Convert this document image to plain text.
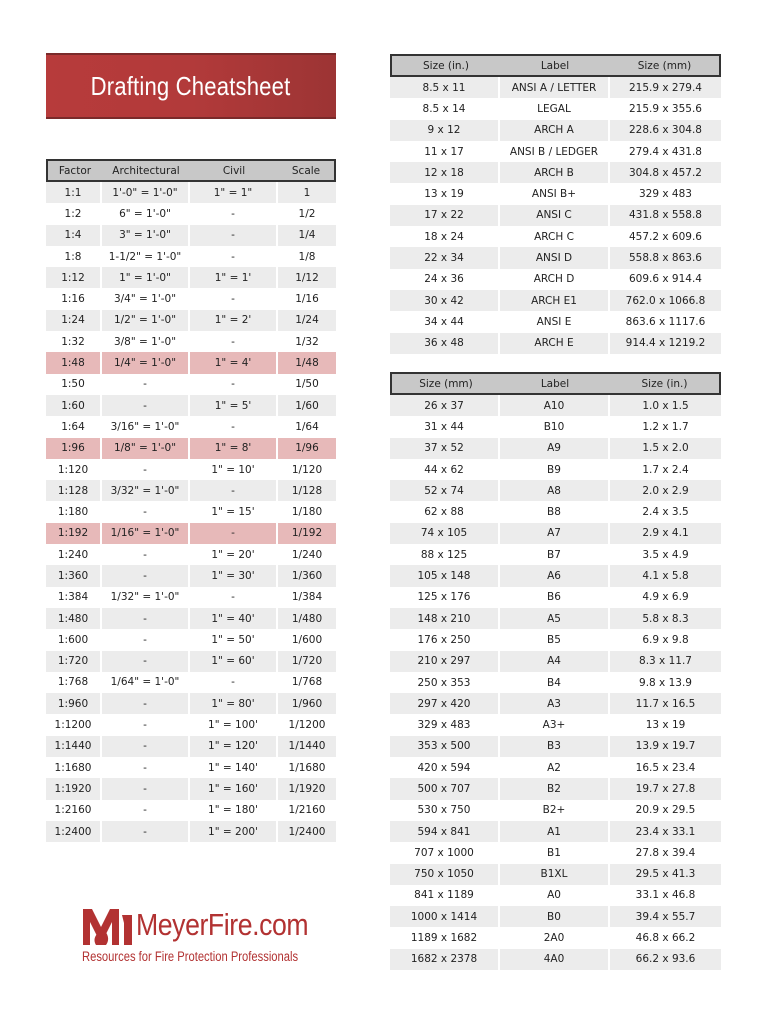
Drafting Cheatsheet
Factor	Architectural	Civil	Scale
1:1	1'-0" = 1'-0"	1" = 1"	1
1:2	6" = 1'-0"	-	1/2
1:4	3" = 1'-0"	-	1/4
1:8	1-1/2" = 1'-0"	-	1/8
1:12	1" = 1'-0"	1" = 1'	1/12
1:16	3/4" = 1'-0"	-	1/16
1:24	1/2" = 1'-0"	1" = 2'	1/24
1:32	3/8" = 1'-0"	-	1/32
1:48	1/4" = 1'-0"	1" = 4'	1/48
1:50	-	-	1/50
1:60	-	1" = 5'	1/60
1:64	3/16" = 1'-0"	-	1/64
1:96	1/8" = 1'-0"	1" = 8'	1/96
1:120	-	1" = 10'	1/120
1:128	3/32" = 1'-0"	-	1/128
1:180	-	1" = 15'	1/180
1:192	1/16" = 1'-0"	-	1/192
1:240	-	1" = 20'	1/240
1:360	-	1" = 30'	1/360
1:384	1/32" = 1'-0"	-	1/384
1:480	-	1" = 40'	1/480
1:600	-	1" = 50'	1/600
1:720	-	1" = 60'	1/720
1:768	1/64" = 1'-0"	-	1/768
1:960	-	1" = 80'	1/960
1:1200	-	1" = 100'	1/1200
1:1440	-	1" = 120'	1/1440
1:1680	-	1" = 140'	1/1680
1:1920	-	1" = 160'	1/1920
1:2160	-	1" = 180'	1/2160
1:2400	-	1" = 200'	1/2400
Size (in.)	Label	Size (mm)
8.5 x 11	ANSI A / LETTER	215.9 x 279.4
8.5 x 14	LEGAL	215.9 x 355.6
9 x 12	ARCH A	228.6 x 304.8
11 x 17	ANSI B / LEDGER	279.4 x 431.8
12 x 18	ARCH B	304.8 x 457.2
13 x 19	ANSI B+	329 x 483
17 x 22	ANSI C	431.8 x 558.8
18 x 24	ARCH C	457.2 x 609.6
22 x 34	ANSI D	558.8 x 863.6
24 x 36	ARCH D	609.6 x 914.4
30 x 42	ARCH E1	762.0 x 1066.8
34 x 44	ANSI E	863.6 x 1117.6
36 x 48	ARCH E	914.4 x 1219.2
Size (mm)	Label	Size (in.)
26 x 37	A10	1.0 x 1.5
31 x 44	B10	1.2 x 1.7
37 x 52	A9	1.5 x 2.0
44 x 62	B9	1.7 x 2.4
52 x 74	A8	2.0 x 2.9
62 x 88	B8	2.4 x 3.5
74 x 105	A7	2.9 x 4.1
88 x 125	B7	3.5 x 4.9
105 x 148	A6	4.1 x 5.8
125 x 176	B6	4.9 x 6.9
148 x 210	A5	5.8 x 8.3
176 x 250	B5	6.9 x 9.8
210 x 297	A4	8.3 x 11.7
250 x 353	B4	9.8 x 13.9
297 x 420	A3	11.7 x 16.5
329 x 483	A3+	13 x 19
353 x 500	B3	13.9 x 19.7
420 x 594	A2	16.5 x 23.4
500 x 707	B2	19.7 x 27.8
530 x 750	B2+	20.9 x 29.5
594 x 841	A1	23.4 x 33.1
707 x 1000	B1	27.8 x 39.4
750 x 1050	B1XL	29.5 x 41.3
841 x 1189	A0	33.1 x 46.8
1000 x 1414	B0	39.4 x 55.7
1189 x 1682	2A0	46.8 x 66.2
1682 x 2378	4A0	66.2 x 93.6
MeyerFire.com
Resources for Fire Protection Professionals
